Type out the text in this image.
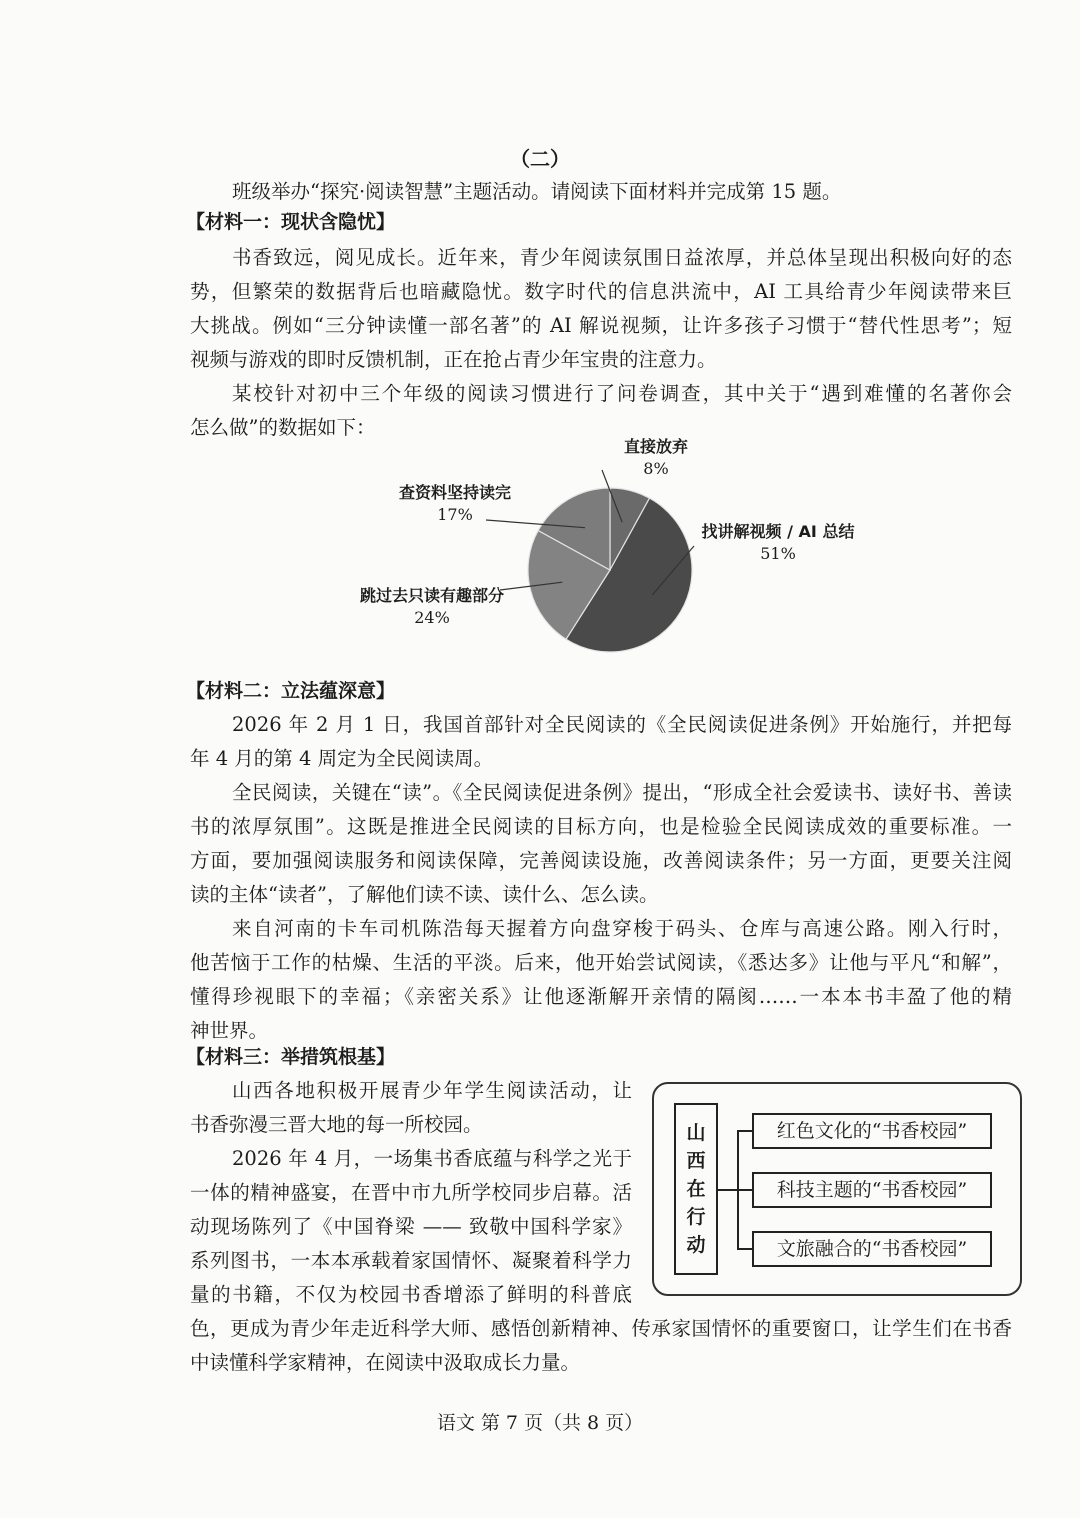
（二）
班级举办“探究·阅读智慧”主题活动。请阅读下面材料并完成第 15 题。
【材料一：现状含隐忧】
书香致远，阅见成长。近年来，青少年阅读氛围日益浓厚，并总体呈现出积极向好的态
势，但繁荣的数据背后也暗藏隐忧。数字时代的信息洪流中，AI 工具给青少年阅读带来巨
大挑战。例如“三分钟读懂一部名著”的 AI 解说视频，让许多孩子习惯于“替代性思考”；短
视频与游戏的即时反馈机制，正在抢占青少年宝贵的注意力。
某校针对初中三个年级的阅读习惯进行了问卷调查，其中关于“遇到难懂的名著你会
怎么做”的数据如下：
直接放弃
8%
找讲解视频 / AI 总结
51%
跳过去只读有趣部分
24%
查资料坚持读完
17%
【材料二：立法蕴深意】
2026 年 2 月 1 日，我国首部针对全民阅读的《全民阅读促进条例》开始施行，并把每
年 4 月的第 4 周定为全民阅读周。
全民阅读，关键在“读”。《全民阅读促进条例》提出，“形成全社会爱读书、读好书、善读
书的浓厚氛围”。这既是推进全民阅读的目标方向，也是检验全民阅读成效的重要标准。一
方面，要加强阅读服务和阅读保障，完善阅读设施，改善阅读条件；另一方面，更要关注阅
读的主体“读者”，了解他们读不读、读什么、怎么读。
来自河南的卡车司机陈浩每天握着方向盘穿梭于码头、仓库与高速公路。刚入行时，
他苦恼于工作的枯燥、生活的平淡。后来，他开始尝试阅读，《悉达多》让他与平凡“和解”，
懂得珍视眼下的幸福；《亲密关系》让他逐渐解开亲情的隔阂……一本本书丰盈了他的精
神世界。
【材料三：举措筑根基】
山西各地积极开展青少年学生阅读活动，让
书香弥漫三晋大地的每一所校园。
2026 年 4 月，一场集书香底蕴与科学之光于
一体的精神盛宴，在晋中市九所学校同步启幕。活
动现场陈列了《中国脊梁 —— 致敬中国科学家》
系列图书，一本本承载着家国情怀、凝聚着科学力
量的书籍，不仅为校园书香增添了鲜明的科普底
色，更成为青少年走近科学大师、感悟创新精神、传承家国情怀的重要窗口，让学生们在书香
中读懂科学家精神，在阅读中汲取成长力量。
山
西
在
行
动
红色文化的“书香校园”
科技主题的“书香校园”
文旅融合的“书香校园”
语文 第 7 页（共 8 页）
